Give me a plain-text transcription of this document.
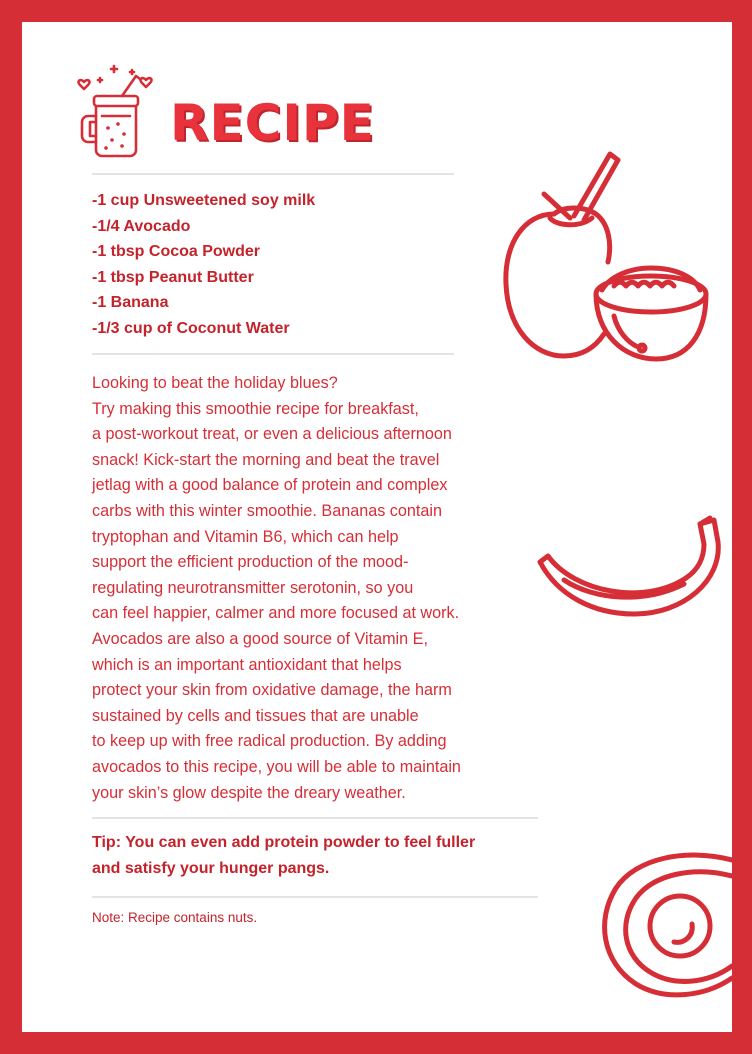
RECIPE
-1 cup Unsweetened soy milk
-1/4 Avocado
-1 tbsp Cocoa Powder
-1 tbsp Peanut Butter
-1 Banana
-1/3 cup of Coconut Water

Looking to beat the holiday blues?
Try making this smoothie recipe for breakfast,
a post-workout treat, or even a delicious afternoon
snack! Kick-start the morning and beat the travel
jetlag with a good balance of protein and complex
carbs with this winter smoothie. Bananas contain
tryptophan and Vitamin B6, which can help
support the efficient production of the mood-
regulating neurotransmitter serotonin, so you
can feel happier, calmer and more focused at work.
Avocados are also a good source of Vitamin E,
which is an important antioxidant that helps
protect your skin from oxidative damage, the harm
sustained by cells and tissues that are unable
to keep up with free radical production. By adding
avocados to this recipe, you will be able to maintain
your skin’s glow despite the dreary weather.

Tip: You can even add protein powder to feel fuller
and satisfy your hunger pangs.

Note: Recipe contains nuts.
